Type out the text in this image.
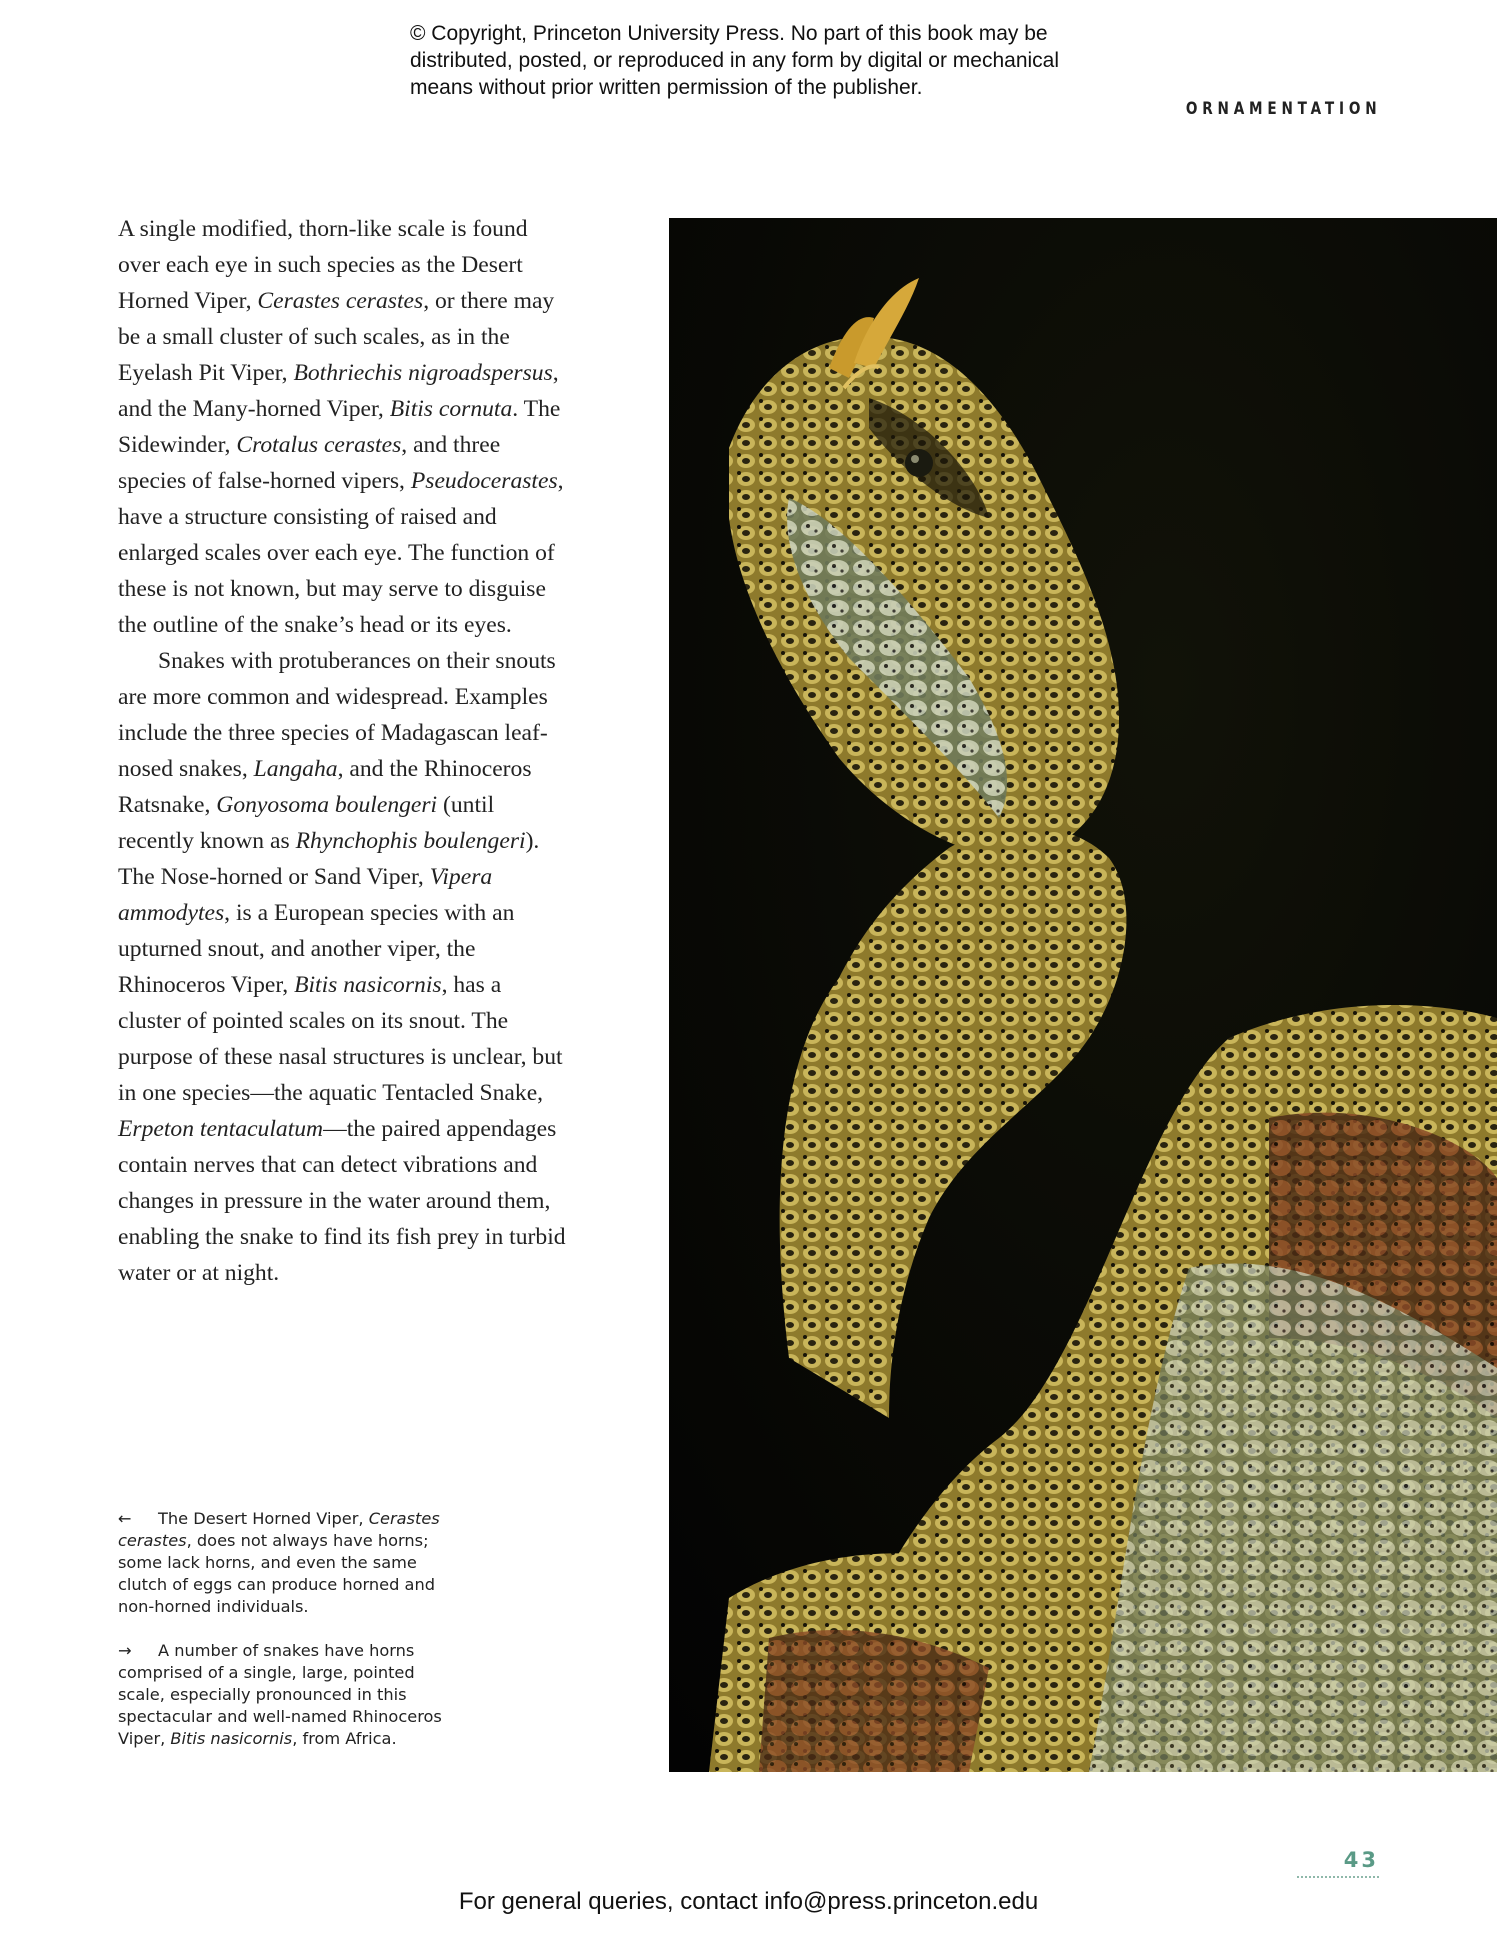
© Copyright, Princeton University Press. No part of this book may be
distributed, posted, or reproduced in any form by digital or mechanical
means without prior written permission of the publisher.
ORNAMENTATION

A single modified, thorn-like scale is found over each eye in such species as the Desert Horned Viper, Cerastes cerastes, or there may be a small cluster of such scales, as in the Eyelash Pit Viper, Bothriechis nigroadspersus, and the Many-horned Viper, Bitis cornuta. The Sidewinder, Crotalus cerastes, and three species of false-horned vipers, Pseudocerastes, have a structure consisting of raised and enlarged scales over each eye. The function of these is not known, but may serve to disguise the outline of the snake’s head or its eyes.

Snakes with protuberances on their snouts are more common and widespread. Examples include the three species of Madagascan leaf-nosed snakes, Langaha, and the Rhinoceros Ratsnake, Gonyosoma boulengeri (until recently known as Rhynchophis boulengeri). The Nose-horned or Sand Viper, Vipera ammodytes, is a European species with an upturned snout, and another viper, the Rhinoceros Viper, Bitis nasicornis, has a cluster of pointed scales on its snout. The purpose of these nasal structures is unclear, but in one species—the aquatic Tentacled Snake, Erpeton tentaculatum—the paired appendages contain nerves that can detect vibrations and changes in pressure in the water around them, enabling the snake to find its fish prey in turbid water or at night.

← The Desert Horned Viper, Cerastes cerastes, does not always have horns; some lack horns, and even the same clutch of eggs can produce horned and non-horned individuals.

→ A number of snakes have horns comprised of a single, large, pointed scale, especially pronounced in this spectacular and well-named Rhinoceros Viper, Bitis nasicornis, from Africa.

43
For general queries, contact info@press.princeton.edu
